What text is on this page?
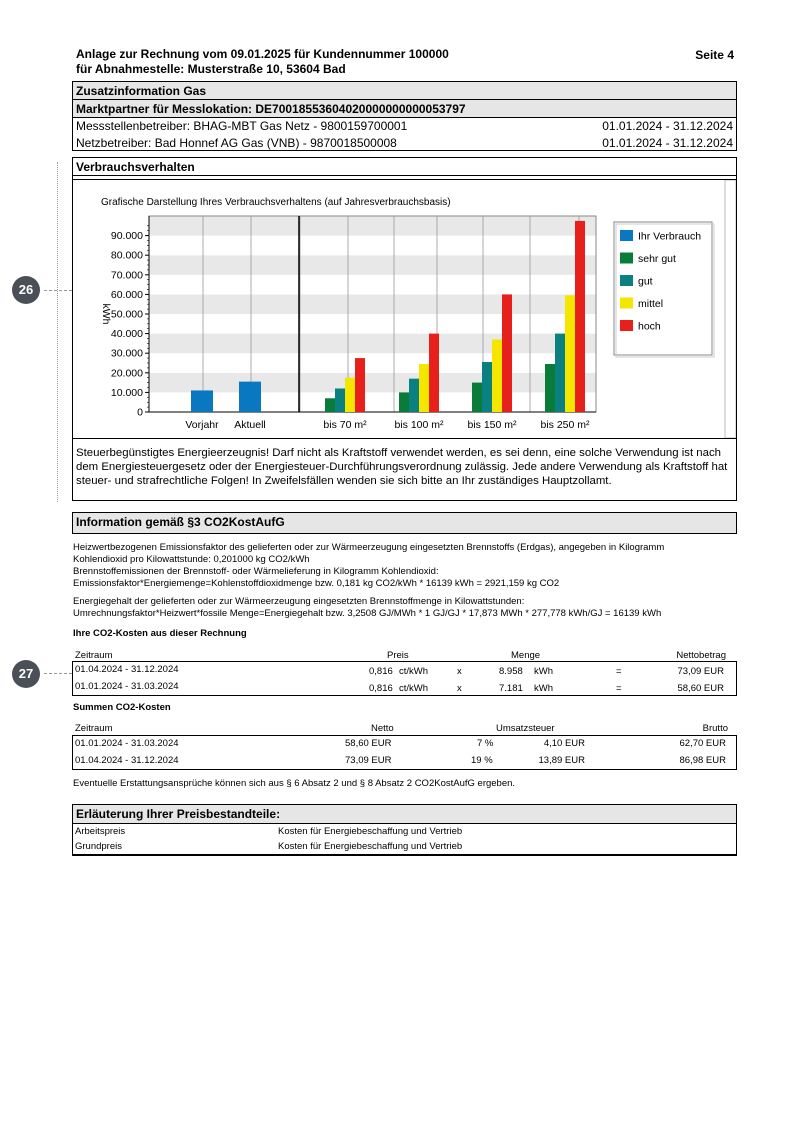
Anlage zur Rechnung vom 09.01.2025 für Kundennummer 100000
für Abnahmestelle: Musterstraße 10, 53604 Bad
Seite 4
Zusatzinformation Gas
Marktpartner für Messlokation: DE70018553604020000000000053797
Messstellenbetreiber: BHAG-MBT Gas Netz - 9800159700001	01.01.2024 - 31.12.2024
Netzbetreiber: Bad Honnef AG Gas (VNB) - 9870018500008	01.01.2024 - 31.12.2024
26
Verbrauchsverhalten
Grafische Darstellung Ihres Verbrauchsverhaltens (auf Jahresverbrauchsbasis)
0
10.000
20.000
30.000
40.000
50.000
60.000
70.000
80.000
90.000
kWh
Vorjahr Aktuell	bis 70 m²	bis 100 m² bis 150 m² bis 250 m²
Ihr Verbrauch
sehr gut
gut
mittel
hoch
Steuerbegünstigtes Energieerzeugnis! Darf nicht als Kraftstoff verwendet werden, es sei denn, eine solche Verwendung ist nach dem Energiesteuergesetz oder der Energiesteuer-Durchführungsverordnung zulässig. Jede andere Verwendung als Kraftstoff hat steuer- und strafrechtliche Folgen! In Zweifelsfällen wenden sie sich bitte an Ihr zuständiges Hauptzollamt.
Information gemäß §3 CO2KostAufG
Heizwertbezogenen Emissionsfaktor des gelieferten oder zur Wärmeerzeugung eingesetzten Brennstoffs (Erdgas), angegeben in Kilogramm
Kohlendioxid pro Kilowattstunde: 0,201000 kg CO2/kWh
Brennstoffemissionen der Brennstoff- oder Wärmelieferung in Kilogramm Kohlendioxid:
Emissionsfaktor*Energiemenge=Kohlenstoffdioxidmenge bzw. 0,181 kg CO2/kWh * 16139 kWh = 2921,159 kg CO2
Energiegehalt der gelieferten oder zur Wärmeerzeugung eingesetzten Brennstoffmenge in Kilowattstunden:
Umrechnungsfaktor*Heizwert*fossile Menge=Energiegehalt bzw. 3,2508 GJ/MWh * 1 GJ/GJ * 17,873 MWh * 277,778 kWh/GJ = 16139 kWh
Ihre CO2-Kosten aus dieser Rechnung
Zeitraum	Preis	Menge	Nettobetrag
01.04.2024 - 31.12.2024	0,816 ct/kWh	x	8.958 kWh	=	73,09 EUR
01.01.2024 - 31.03.2024	0,816 ct/kWh	x	7.181 kWh	=	58,60 EUR
27
Summen CO2-Kosten
Zeitraum	Netto	Umsatzsteuer	Brutto
01.01.2024 - 31.03.2024	58,60 EUR	7 %	4,10 EUR	62,70 EUR
01.04.2024 - 31.12.2024	73,09 EUR	19 %	13,89 EUR	86,98 EUR
Eventuelle Erstattungsansprüche können sich aus § 6 Absatz 2 und § 8 Absatz 2 CO2KostAufG ergeben.
Erläuterung Ihrer Preisbestandteile:
Arbeitspreis	Kosten für Energiebeschaffung und Vertrieb
Grundpreis	Kosten für Energiebeschaffung und Vertrieb
